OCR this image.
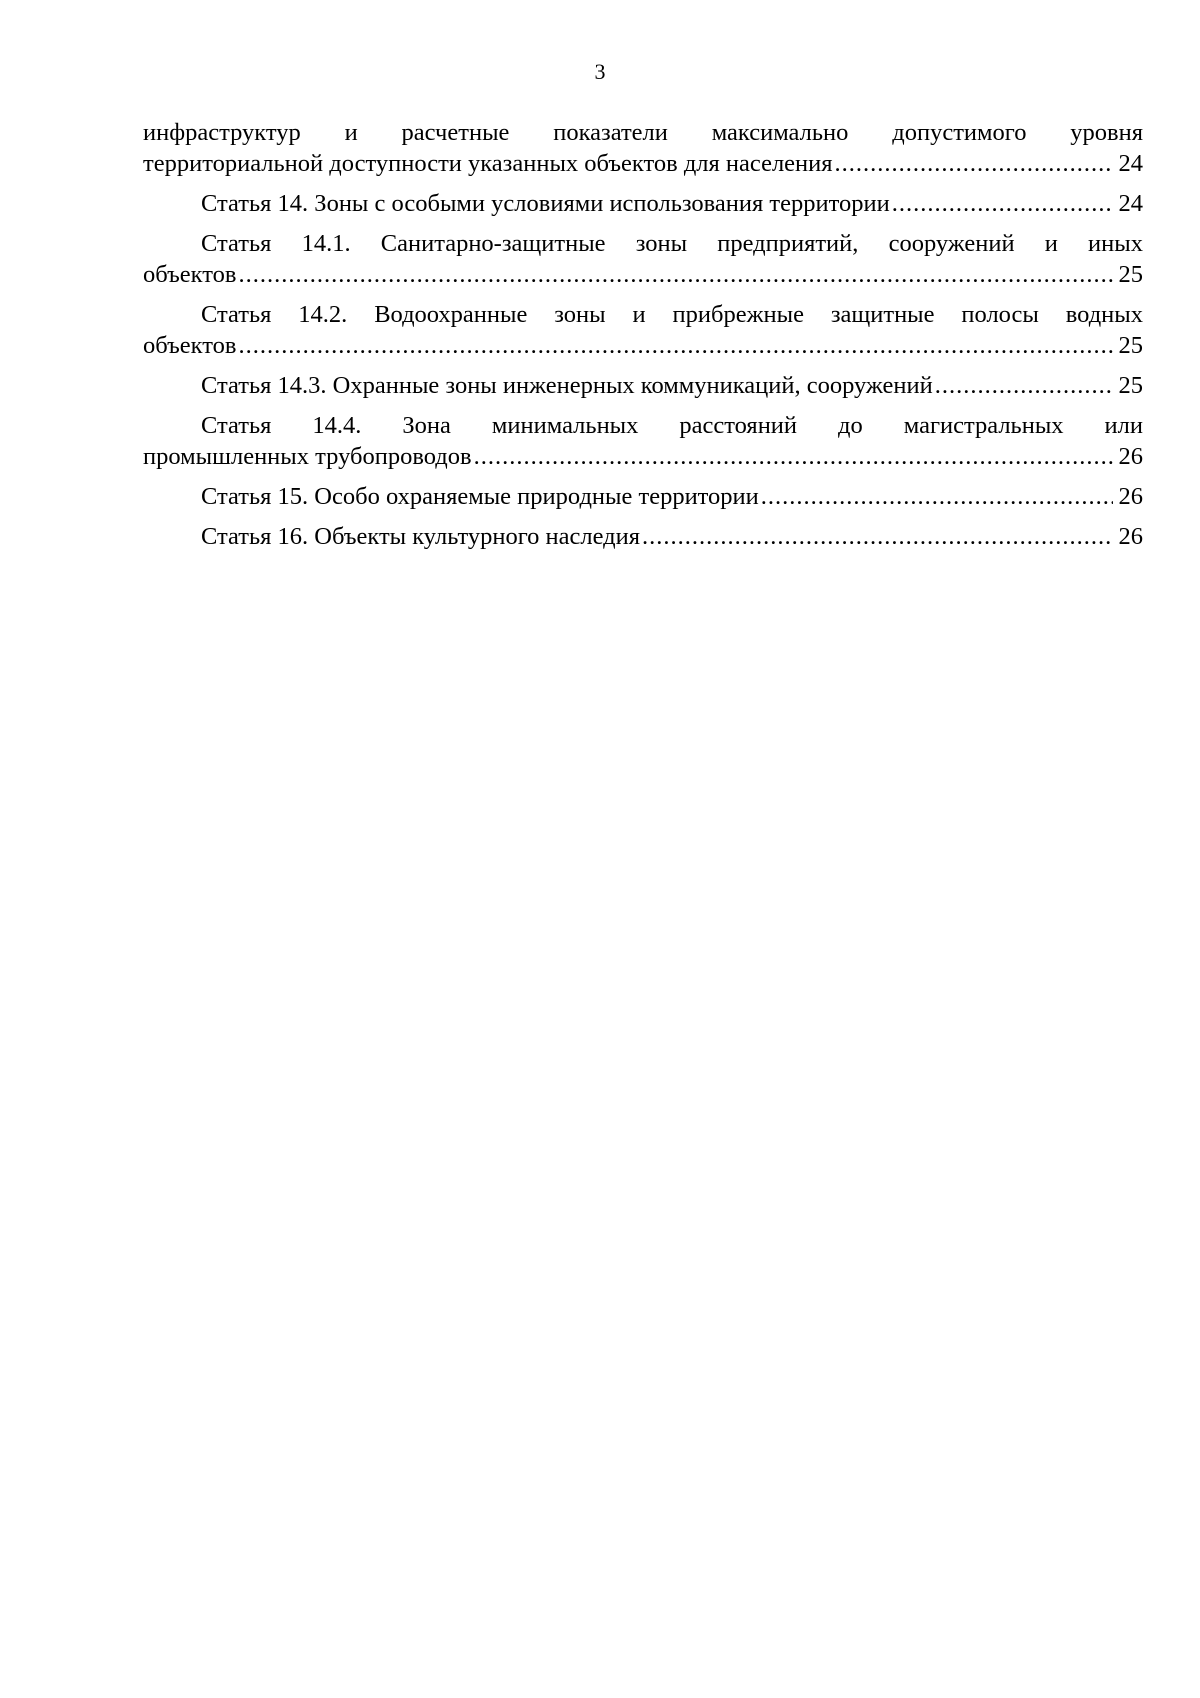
3
инфраструктур и расчетные показатели максимально допустимого уровня
территориальной доступности указанных объектов для населения .....	24
Статья 14. Зоны с особыми условиями использования территории .....	24
Статья 14.1. Санитарно-защитные зоны предприятий, сооружений и иных
объектов .....	25
Статья 14.2. Водоохранные зоны и прибрежные защитные полосы водных
объектов .....	25
Статья 14.3. Охранные зоны инженерных коммуникаций, сооружений .....	25
Статья 14.4. Зона минимальных расстояний до магистральных или
промышленных трубопроводов .....	26
Статья 15. Особо охраняемые природные территории .....	26
Статья 16. Объекты культурного наследия .....	26
